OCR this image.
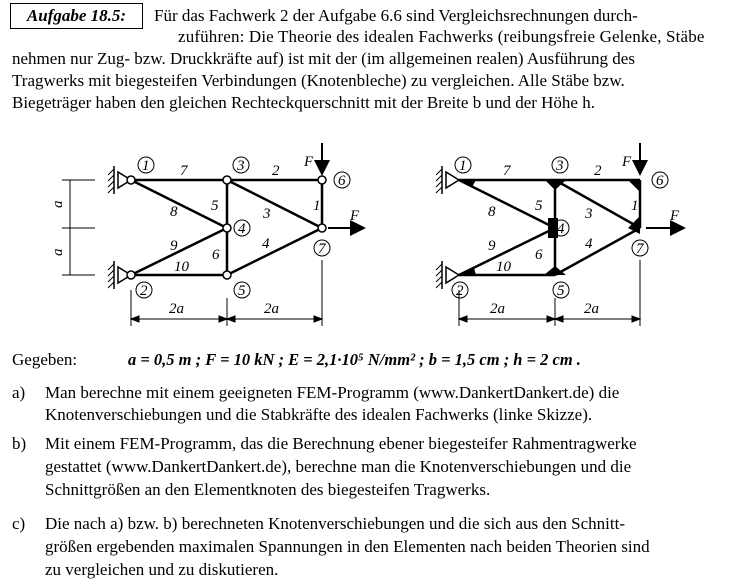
Aufgabe 18.5:	Für das Fachwerk 2 der Aufgabe 6.6 sind Vergleichsrechnungen durch-
zuführen: Die Theorie des idealen Fachwerks (reibungsfreie Gelenke, Stäbe
nehmen nur Zug- bzw. Druckkräfte auf) ist mit der (im allgemeinen realen) Ausführung des
Tragwerks mit biegesteifen Verbindungen (Knotenbleche) zu vergleichen. Alle Stäbe bzw.
Biegeträger haben den gleichen Rechteckquerschnitt mit der Breite b und der Höhe h.
1
2
3
4
5
6
7
1
2
3
4
5
6
7
8
9
10
F
F
a
a
2a	2a
1
2
3
4
5
6
7
1
2
3
4
5
6
7
8
9
10
F
F
2a	2a
Gegeben:	a = 0,5 m ; F = 10 kN ; E = 2,1·10⁵ N/mm² ; b = 1,5 cm ; h = 2 cm .
a) Man berechne mit einem geeigneten FEM-Programm (www.DankertDankert.de) die
Knotenverschiebungen und die Stabkräfte des idealen Fachwerks (linke Skizze).
b) Mit einem FEM-Programm, das die Berechnung ebener biegesteifer Rahmentragwerke
gestattet (www.DankertDankert.de), berechne man die Knotenverschiebungen und die
Schnittgrößen an den Elementknoten des biegesteifen Tragwerks.
c) Die nach a) bzw. b) berechneten Knotenverschiebungen und die sich aus den Schnitt-
größen ergebenden maximalen Spannungen in den Elementen nach beiden Theorien sind
zu vergleichen und zu diskutieren.
